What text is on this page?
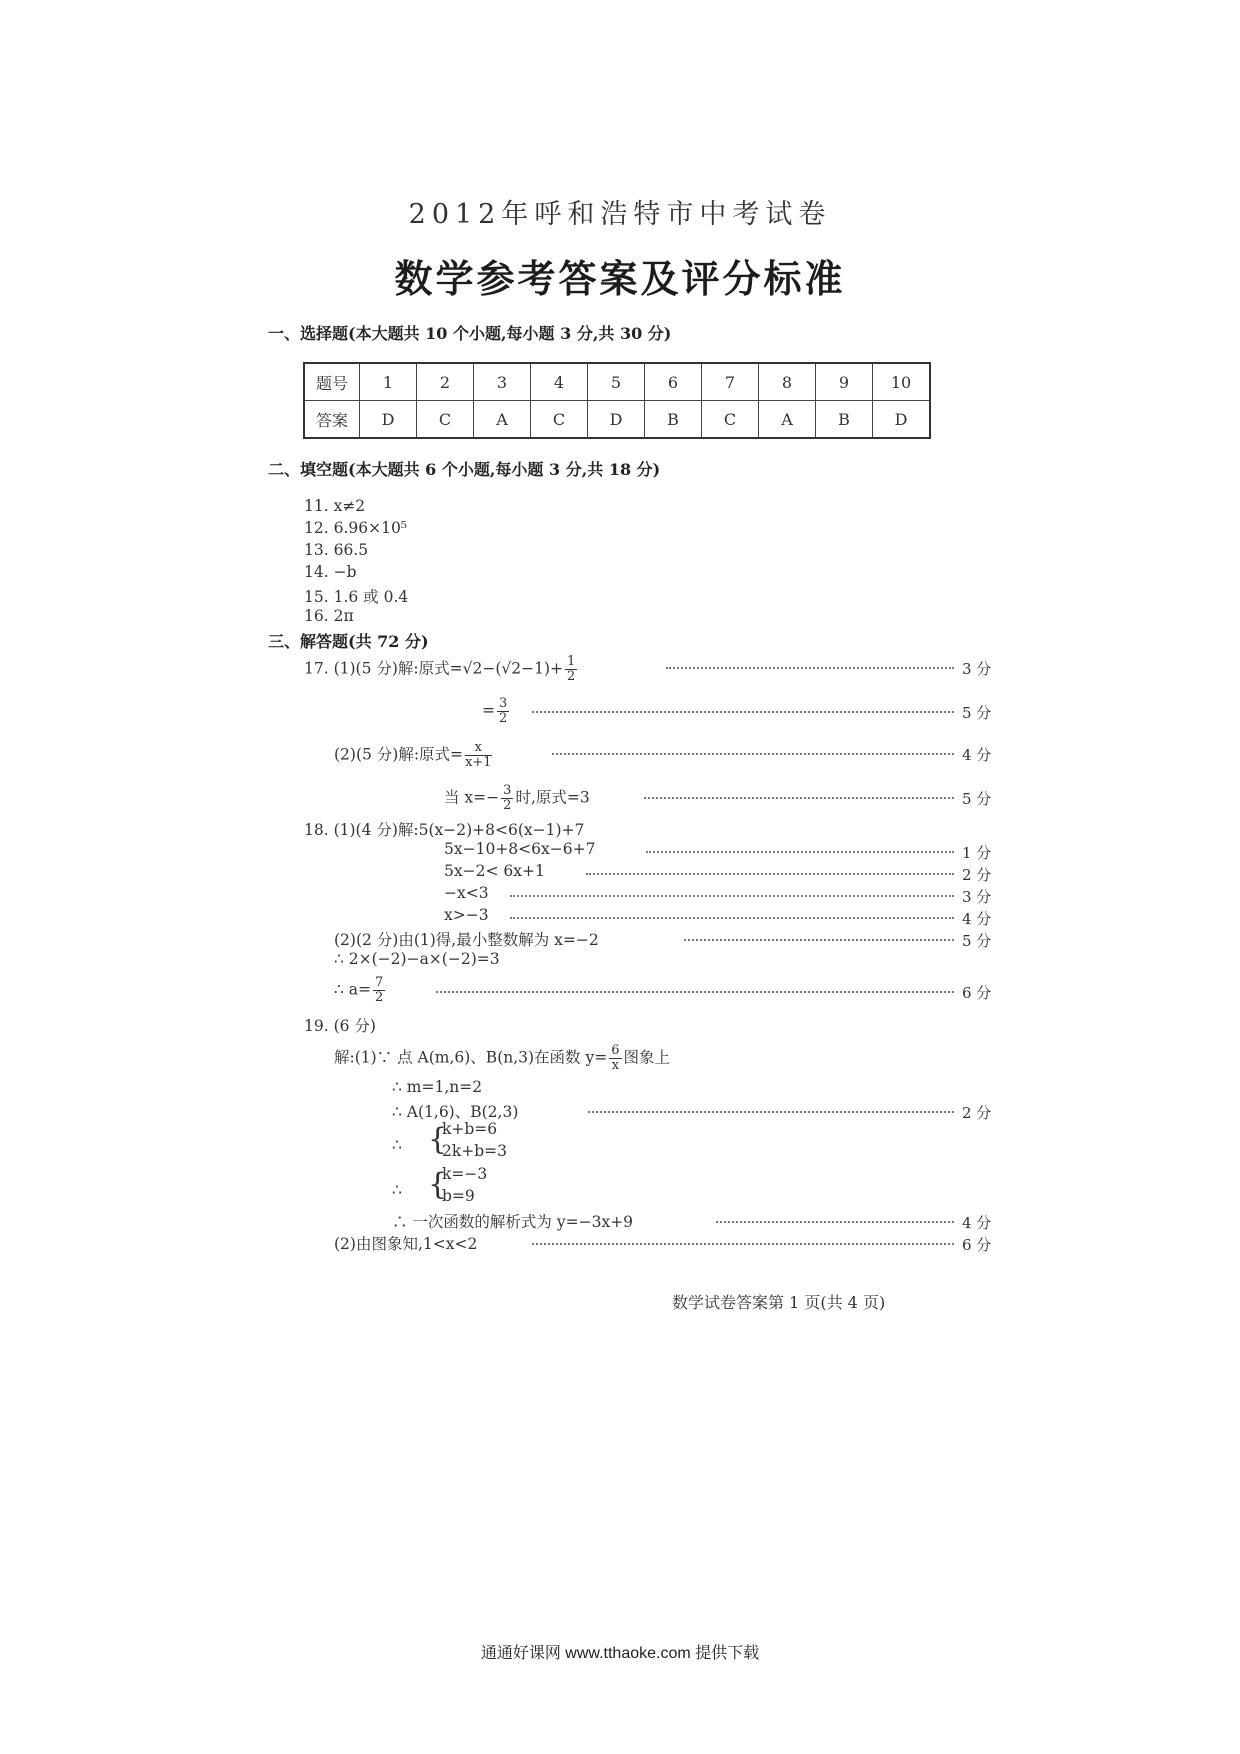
2012年呼和浩特市中考试卷
数学参考答案及评分标准
一、选择题(本大题共 10 个小题,每小题 3 分,共 30 分)
题号	1	2	3	4	5	6	7	8	9	10
答案	D	C	A	C	D	B	C	A	B	D
二、填空题(本大题共 6 个小题,每小题 3 分,共 18 分)
11. x≠2
12. 6.96×10⁵
13. 66.5
14. −b
15. 1.6 或 0.4
16. 2π
三、解答题(共 72 分)
17. (1)(5 分)解:原式$=√2-(√2-1)+ \frac{1}{2}$	3 分
= $\frac{3}{2}$	5 分
(2)(5 分)解:原式= $\frac{x}{x+1}$	4 分
当 $x=- \frac{3}{2}$ 时,原式=3	5 分
18. (1)(4 分)解:5(x−2)+8<6(x−1)+7
5x−10+8<6x−6+7	1 分
5x−2< 6x+1	2 分
−x<3	3 分
x>−3	4 分
(2)(2 分)由(1)得,最小整数解为 x=−2	5 分
∴ 2×(−2)−a×(−2)=3
∴ $a= \frac{7}{2}$	6 分
19. (6 分)
解:(1)∵ 点 A(m,6)、B(n,3)在函数 $y= \frac{6}{x}$ 图象上
∴ m=1,n=2
∴ A(1,6)、B(2,3)	2 分
∴ {
k+b=6
2k+b=3
∴ {
k=−3
b=9
∴ 一次函数的解析式为 y=−3x+9	4 分
(2)由图象知,1<x<2	6 分
数学试卷答案第 1 页(共 4 页)
通通好课网 www.tthaoke.com 提供下载
